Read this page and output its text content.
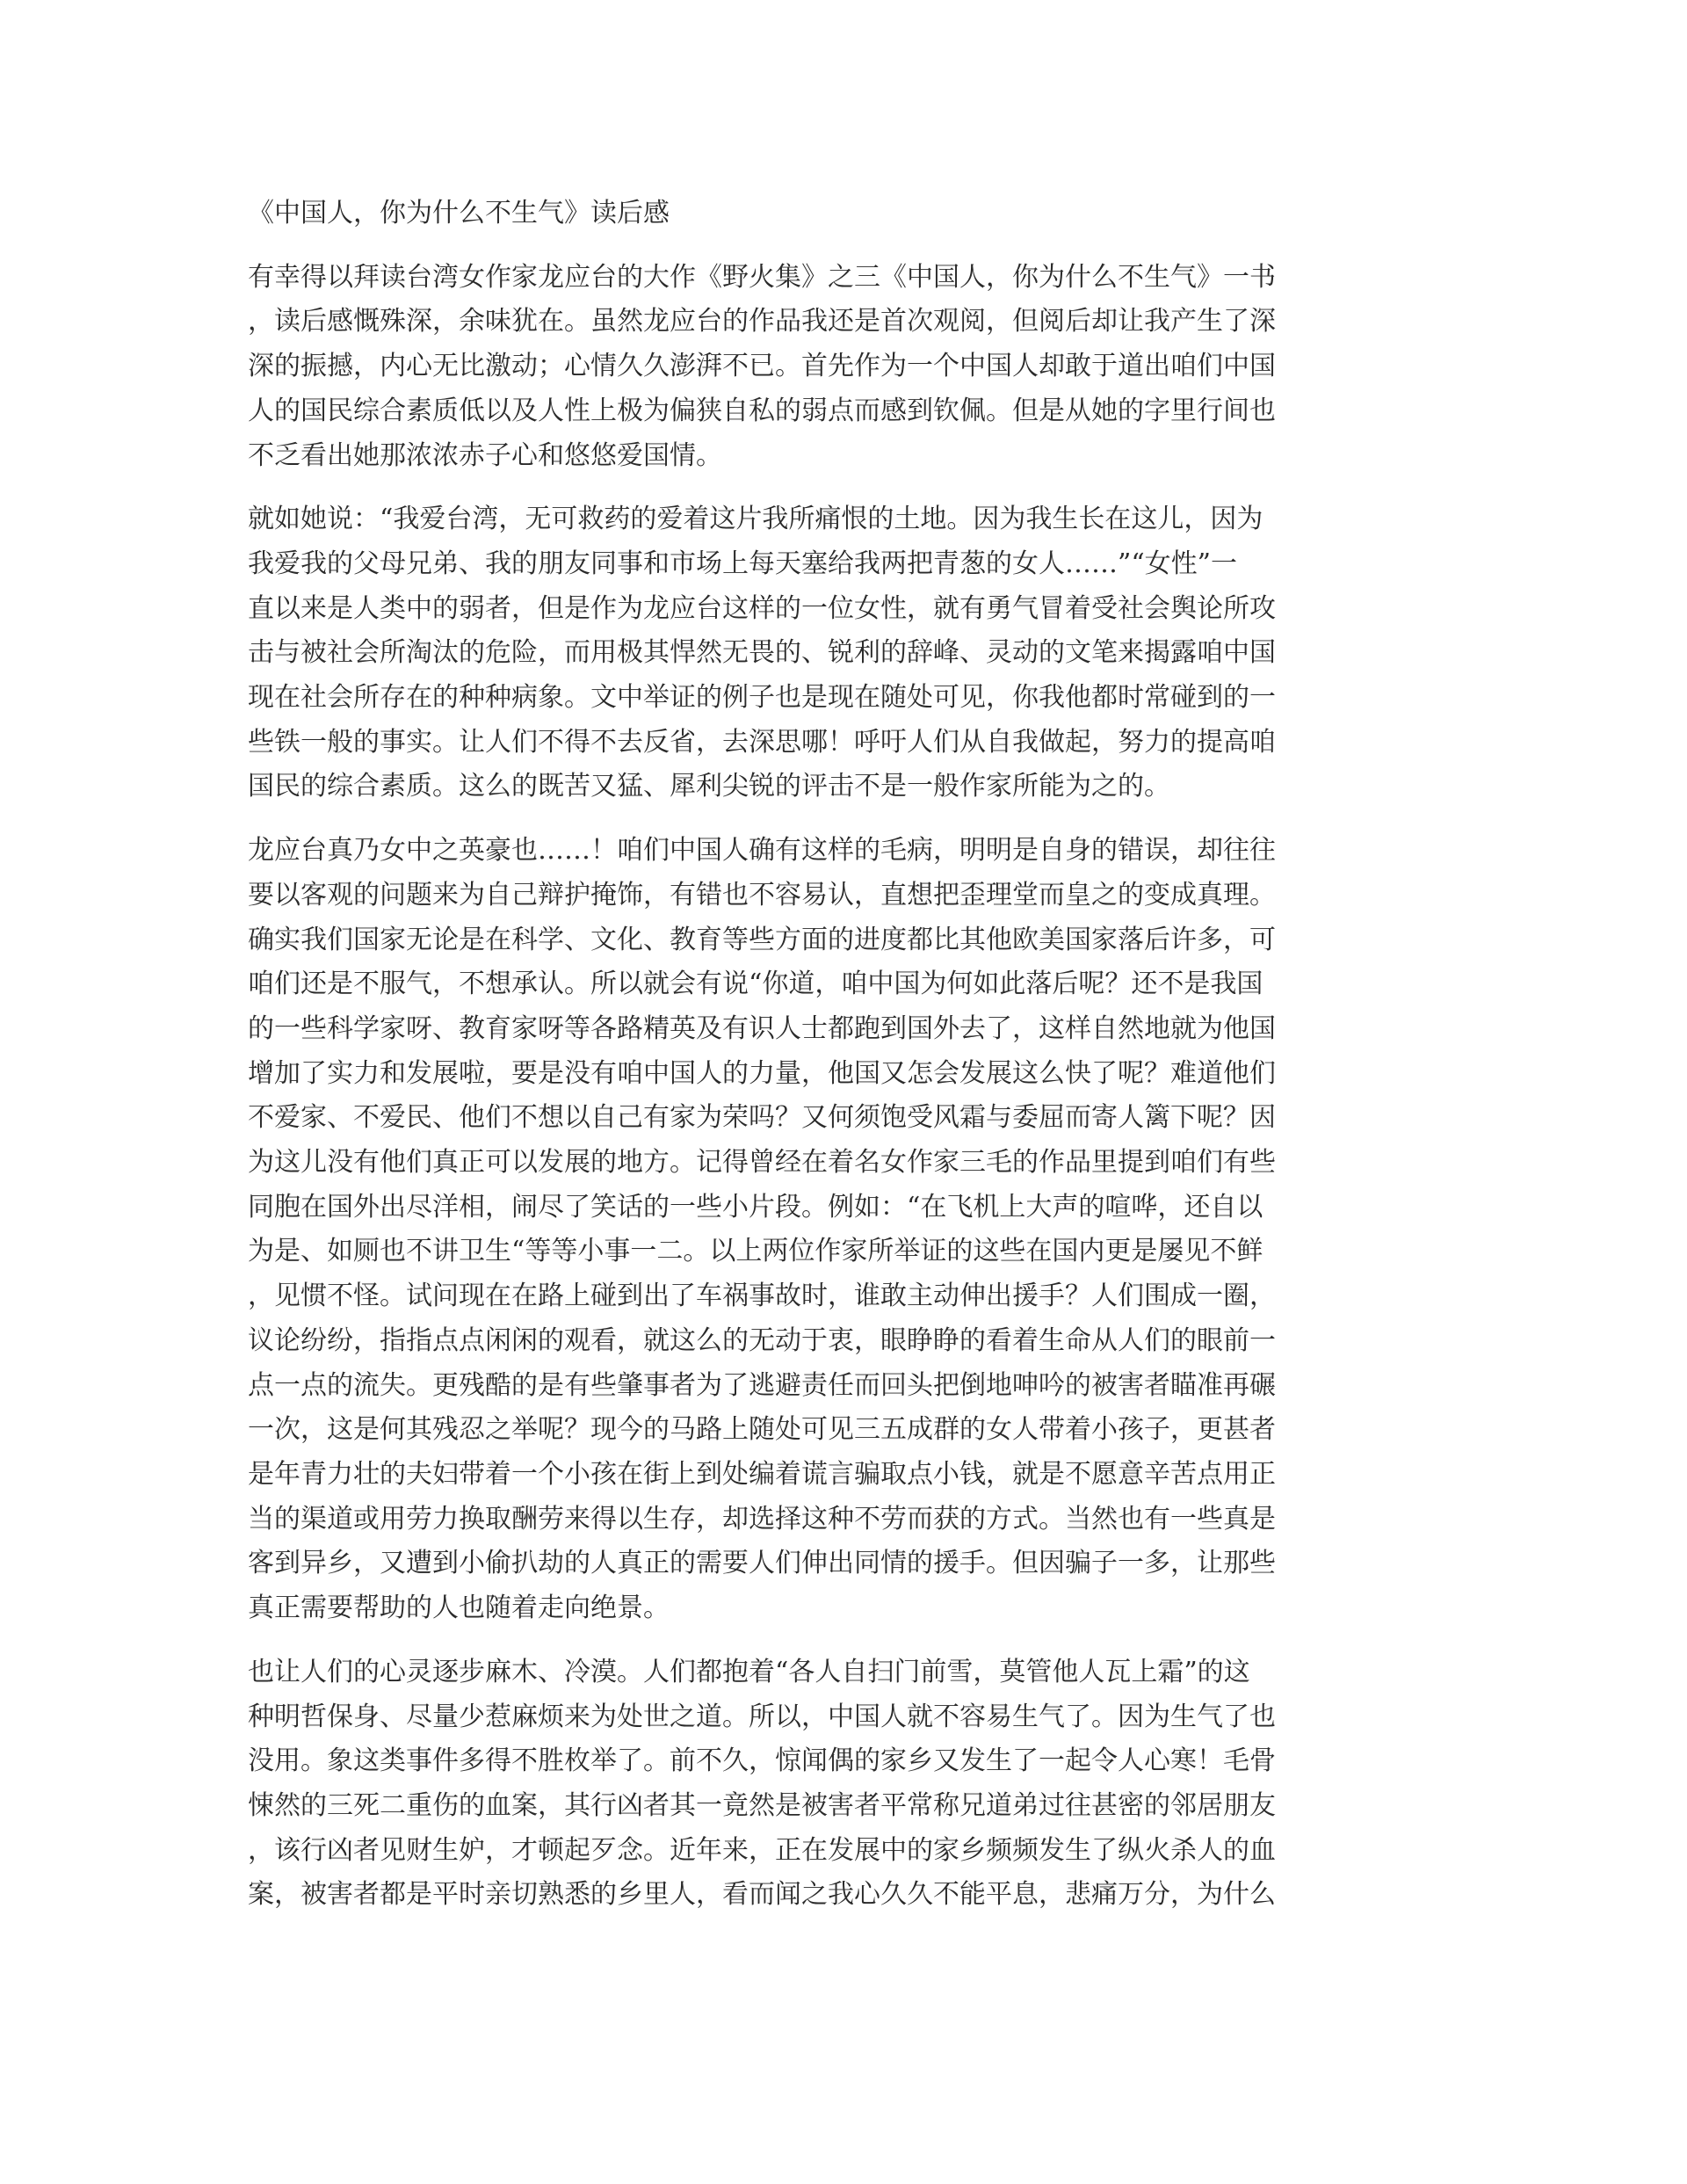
《中国人，你为什么不生气》读后感
有幸得以拜读台湾女作家龙应台的大作《野火集》之三《中国人，你为什么不生气》一书
，读后感慨殊深，余味犹在。虽然龙应台的作品我还是首次观阅，但阅后却让我产生了深
深的振撼，内心无比激动；心情久久澎湃不已。首先作为一个中国人却敢于道出咱们中国
人的国民综合素质低以及人性上极为偏狭自私的弱点而感到钦佩。但是从她的字里行间也
不乏看出她那浓浓赤子心和悠悠爱国情。
就如她说：“我爱台湾，无可救药的爱着这片我所痛恨的土地。因为我生长在这儿，因为
我爱我的父母兄弟、我的朋友同事和市场上每天塞给我两把青葱的女人……”“女性”一
直以来是人类中的弱者，但是作为龙应台这样的一位女性，就有勇气冒着受社会舆论所攻
击与被社会所淘汰的危险，而用极其悍然无畏的、锐利的辞峰、灵动的文笔来揭露咱中国
现在社会所存在的种种病象。文中举证的例子也是现在随处可见，你我他都时常碰到的一
些铁一般的事实。让人们不得不去反省，去深思哪！呼吁人们从自我做起，努力的提高咱
国民的综合素质。这么的既苦又猛、犀利尖锐的评击不是一般作家所能为之的。
龙应台真乃女中之英豪也……！咱们中国人确有这样的毛病，明明是自身的错误，却往往
要以客观的问题来为自己辩护掩饰，有错也不容易认，直想把歪理堂而皇之的变成真理。
确实我们国家无论是在科学、文化、教育等些方面的进度都比其他欧美国家落后许多，可
咱们还是不服气，不想承认。所以就会有说“你道，咱中国为何如此落后呢？还不是我国
的一些科学家呀、教育家呀等各路精英及有识人士都跑到国外去了，这样自然地就为他国
增加了实力和发展啦，要是没有咱中国人的力量，他国又怎会发展这么快了呢？难道他们
不爱家、不爱民、他们不想以自己有家为荣吗？又何须饱受风霜与委屈而寄人篱下呢？因
为这儿没有他们真正可以发展的地方。记得曾经在着名女作家三毛的作品里提到咱们有些
同胞在国外出尽洋相，闹尽了笑话的一些小片段。例如：“在飞机上大声的喧哗，还自以
为是、如厕也不讲卫生“等等小事一二。以上两位作家所举证的这些在国内更是屡见不鲜
，见惯不怪。试问现在在路上碰到出了车祸事故时，谁敢主动伸出援手？人们围成一圈，
议论纷纷，指指点点闲闲的观看，就这么的无动于衷，眼睁睁的看着生命从人们的眼前一
点一点的流失。更残酷的是有些肇事者为了逃避责任而回头把倒地呻吟的被害者瞄准再碾
一次，这是何其残忍之举呢？现今的马路上随处可见三五成群的女人带着小孩子，更甚者
是年青力壮的夫妇带着一个小孩在街上到处编着谎言骗取点小钱，就是不愿意辛苦点用正
当的渠道或用劳力换取酬劳来得以生存，却选择这种不劳而获的方式。当然也有一些真是
客到异乡，又遭到小偷扒劫的人真正的需要人们伸出同情的援手。但因骗子一多，让那些
真正需要帮助的人也随着走向绝景。
也让人们的心灵逐步麻木、冷漠。人们都抱着“各人自扫门前雪，莫管他人瓦上霜”的这
种明哲保身、尽量少惹麻烦来为处世之道。所以，中国人就不容易生气了。因为生气了也
没用。象这类事件多得不胜枚举了。前不久，惊闻偶的家乡又发生了一起令人心寒！毛骨
悚然的三死二重伤的血案，其行凶者其一竟然是被害者平常称兄道弟过往甚密的邻居朋友
，该行凶者见财生妒，才顿起歹念。近年来，正在发展中的家乡频频发生了纵火杀人的血
案，被害者都是平时亲切熟悉的乡里人，看而闻之我心久久不能平息，悲痛万分，为什么
